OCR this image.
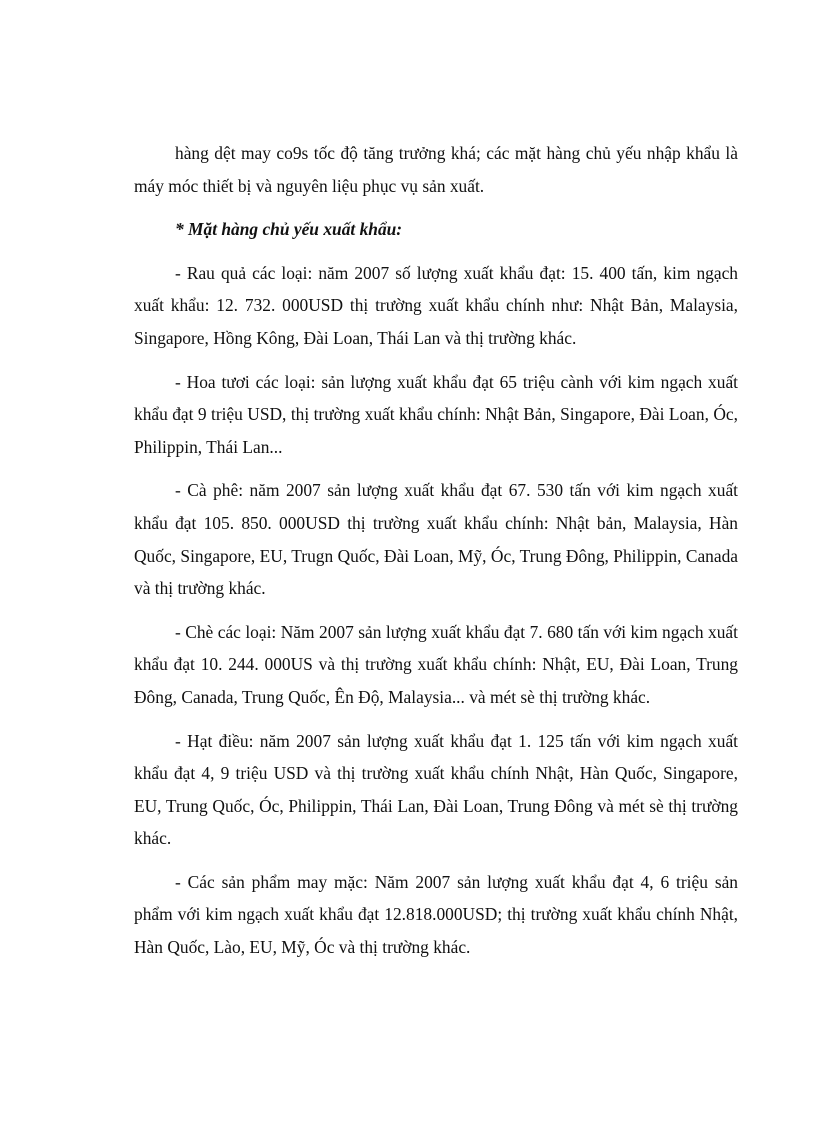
hàng dệt may co9s tốc độ tăng trưởng khá; các mặt hàng chủ yếu nhập khẩu là máy móc thiết bị và nguyên liệu phục vụ sản xuất.

* Mặt hàng chủ yếu xuất khẩu:

- Rau quả các loại: năm 2007 số lượng xuất khẩu đạt: 15. 400 tấn, kim ngạch xuất khẩu: 12. 732. 000USD thị trường xuất khẩu chính như: Nhật Bản, Malaysia, Singapore, Hồng Kông, Đài Loan, Thái Lan và thị trường khác.

- Hoa tươi các loại: sản lượng xuất khẩu đạt 65 triệu cành với kim ngạch xuất khẩu đạt 9 triệu USD, thị trường xuất khẩu chính: Nhật Bản, Singapore, Đài Loan, Óc, Philippin, Thái Lan...

- Cà phê: năm 2007 sản lượng xuất khẩu đạt 67. 530 tấn với kim ngạch xuất khẩu đạt 105. 850. 000USD thị trường xuất khẩu chính: Nhật bản, Malaysia, Hàn Quốc, Singapore, EU, Trugn Quốc, Đài Loan, Mỹ, Óc, Trung Đông, Philippin, Canada và thị trường khác.

- Chè các loại: Năm 2007 sản lượng xuất khẩu đạt 7. 680 tấn với kim ngạch xuất khẩu đạt 10. 244. 000US và thị trường xuất khẩu chính: Nhật, EU, Đài Loan, Trung Đông, Canada, Trung Quốc, Ên Độ, Malaysia... và mét sè thị trường khác.

- Hạt điều: năm 2007 sản lượng xuất khẩu đạt 1. 125 tấn với kim ngạch xuất khẩu đạt 4, 9 triệu USD và thị trường xuất khẩu chính Nhật, Hàn Quốc, Singapore, EU, Trung Quốc, Óc, Philippin, Thái Lan, Đài Loan, Trung Đông và mét sè thị trường khác.

- Các sản phẩm may mặc: Năm 2007 sản lượng xuất khẩu đạt 4, 6 triệu sản phẩm với kim ngạch xuất khẩu đạt 12.818.000USD; thị trường xuất khẩu chính Nhật, Hàn Quốc, Lào, EU, Mỹ, Óc và thị trường khác.
